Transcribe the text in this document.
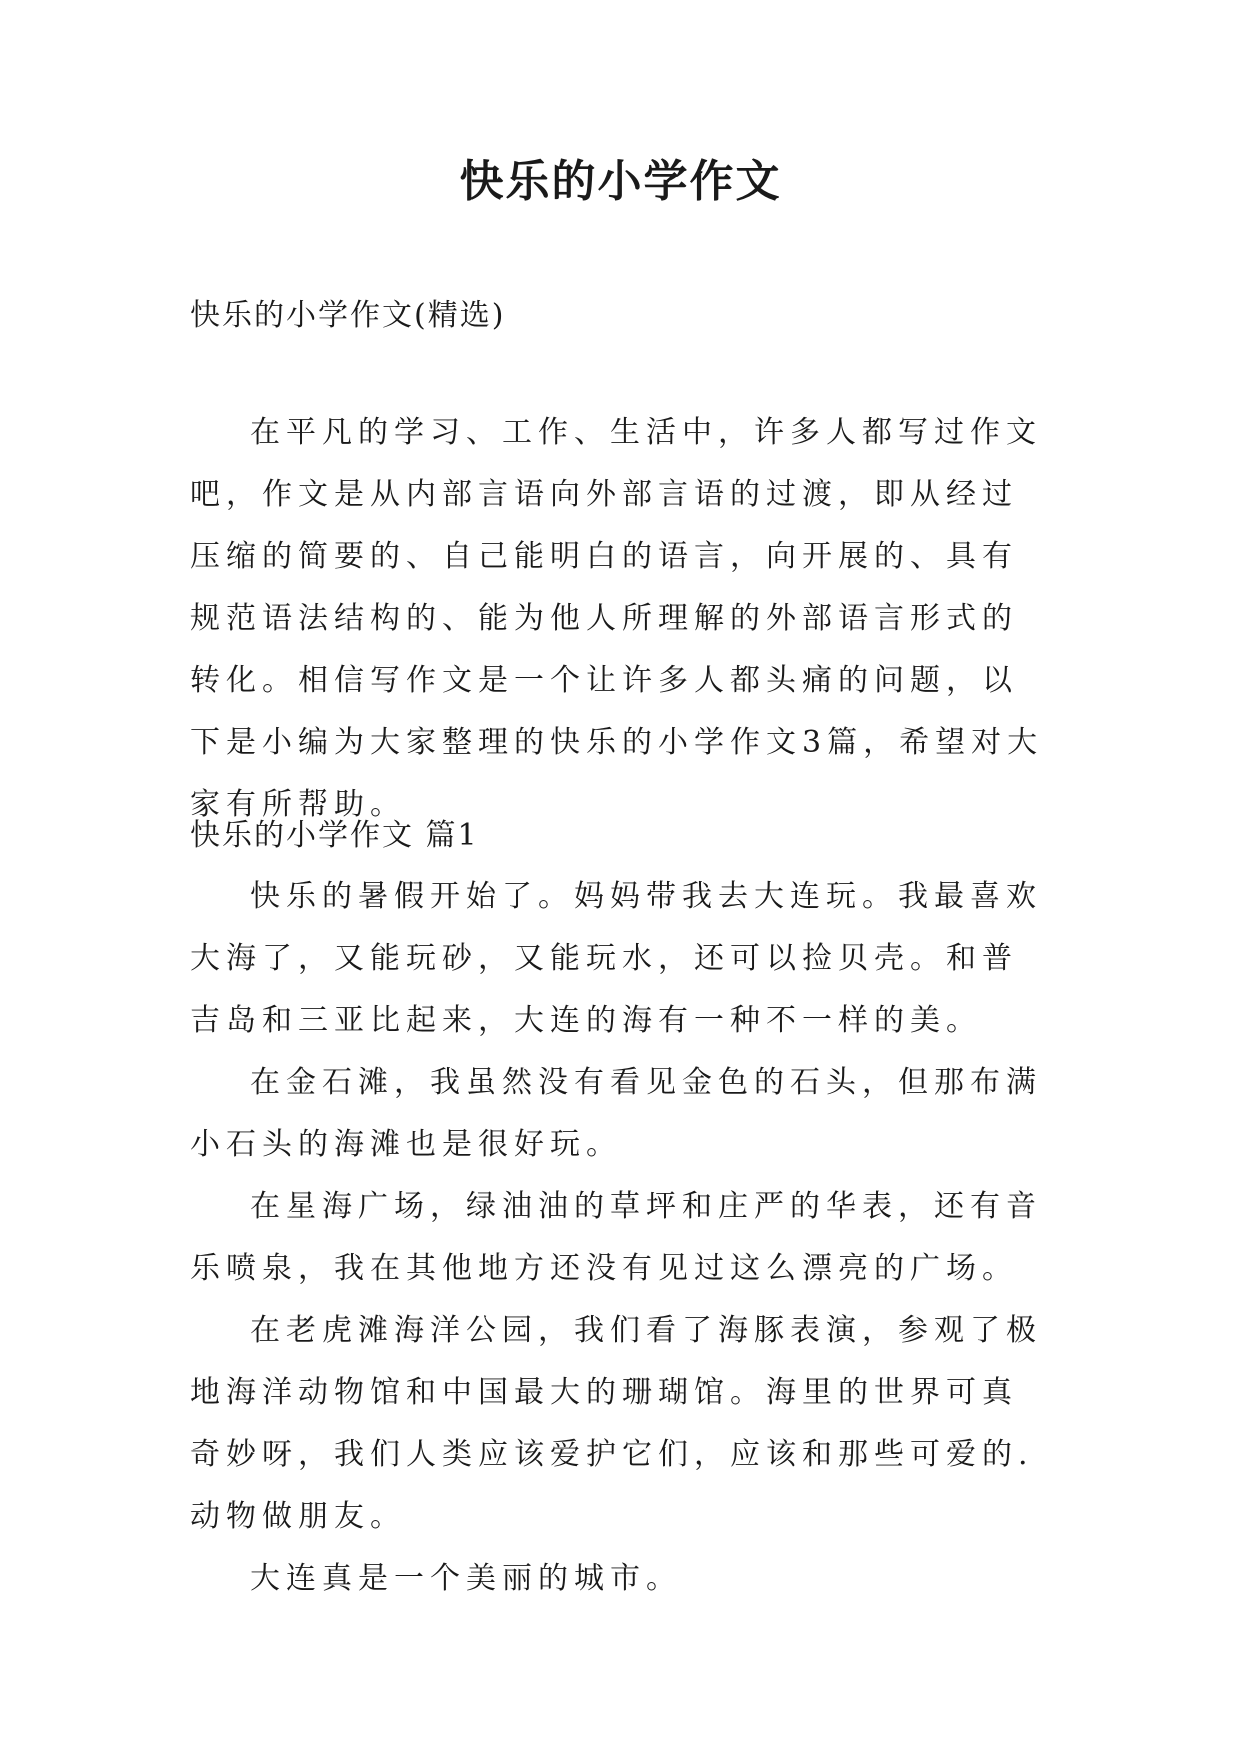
快乐的小学作文

快乐的小学作文(精选)

在平凡的学习、工作、生活中，许多人都写过作文吧，作文是从内部言语向外部言语的过渡，即从经过压缩的简要的、自己能明白的语言，向开展的、具有规范语法结构的、能为他人所理解的外部语言形式的转化。相信写作文是一个让许多人都头痛的问题，以下是小编为大家整理的快乐的小学作文3篇，希望对大家有所帮助。

快乐的小学作文 篇1

快乐的暑假开始了。妈妈带我去大连玩。我最喜欢大海了，又能玩砂，又能玩水，还可以捡贝壳。和普吉岛和三亚比起来，大连的海有一种不一样的美。

在金石滩，我虽然没有看见金色的石头，但那布满小石头的海滩也是很好玩。

在星海广场，绿油油的草坪和庄严的华表，还有音乐喷泉，我在其他地方还没有见过这么漂亮的广场。

在老虎滩海洋公园，我们看了海豚表演，参观了极地海洋动物馆和中国最大的珊瑚馆。海里的世界可真奇妙呀，我们人类应该爱护它们，应该和那些可爱的.动物做朋友。

大连真是一个美丽的城市。
